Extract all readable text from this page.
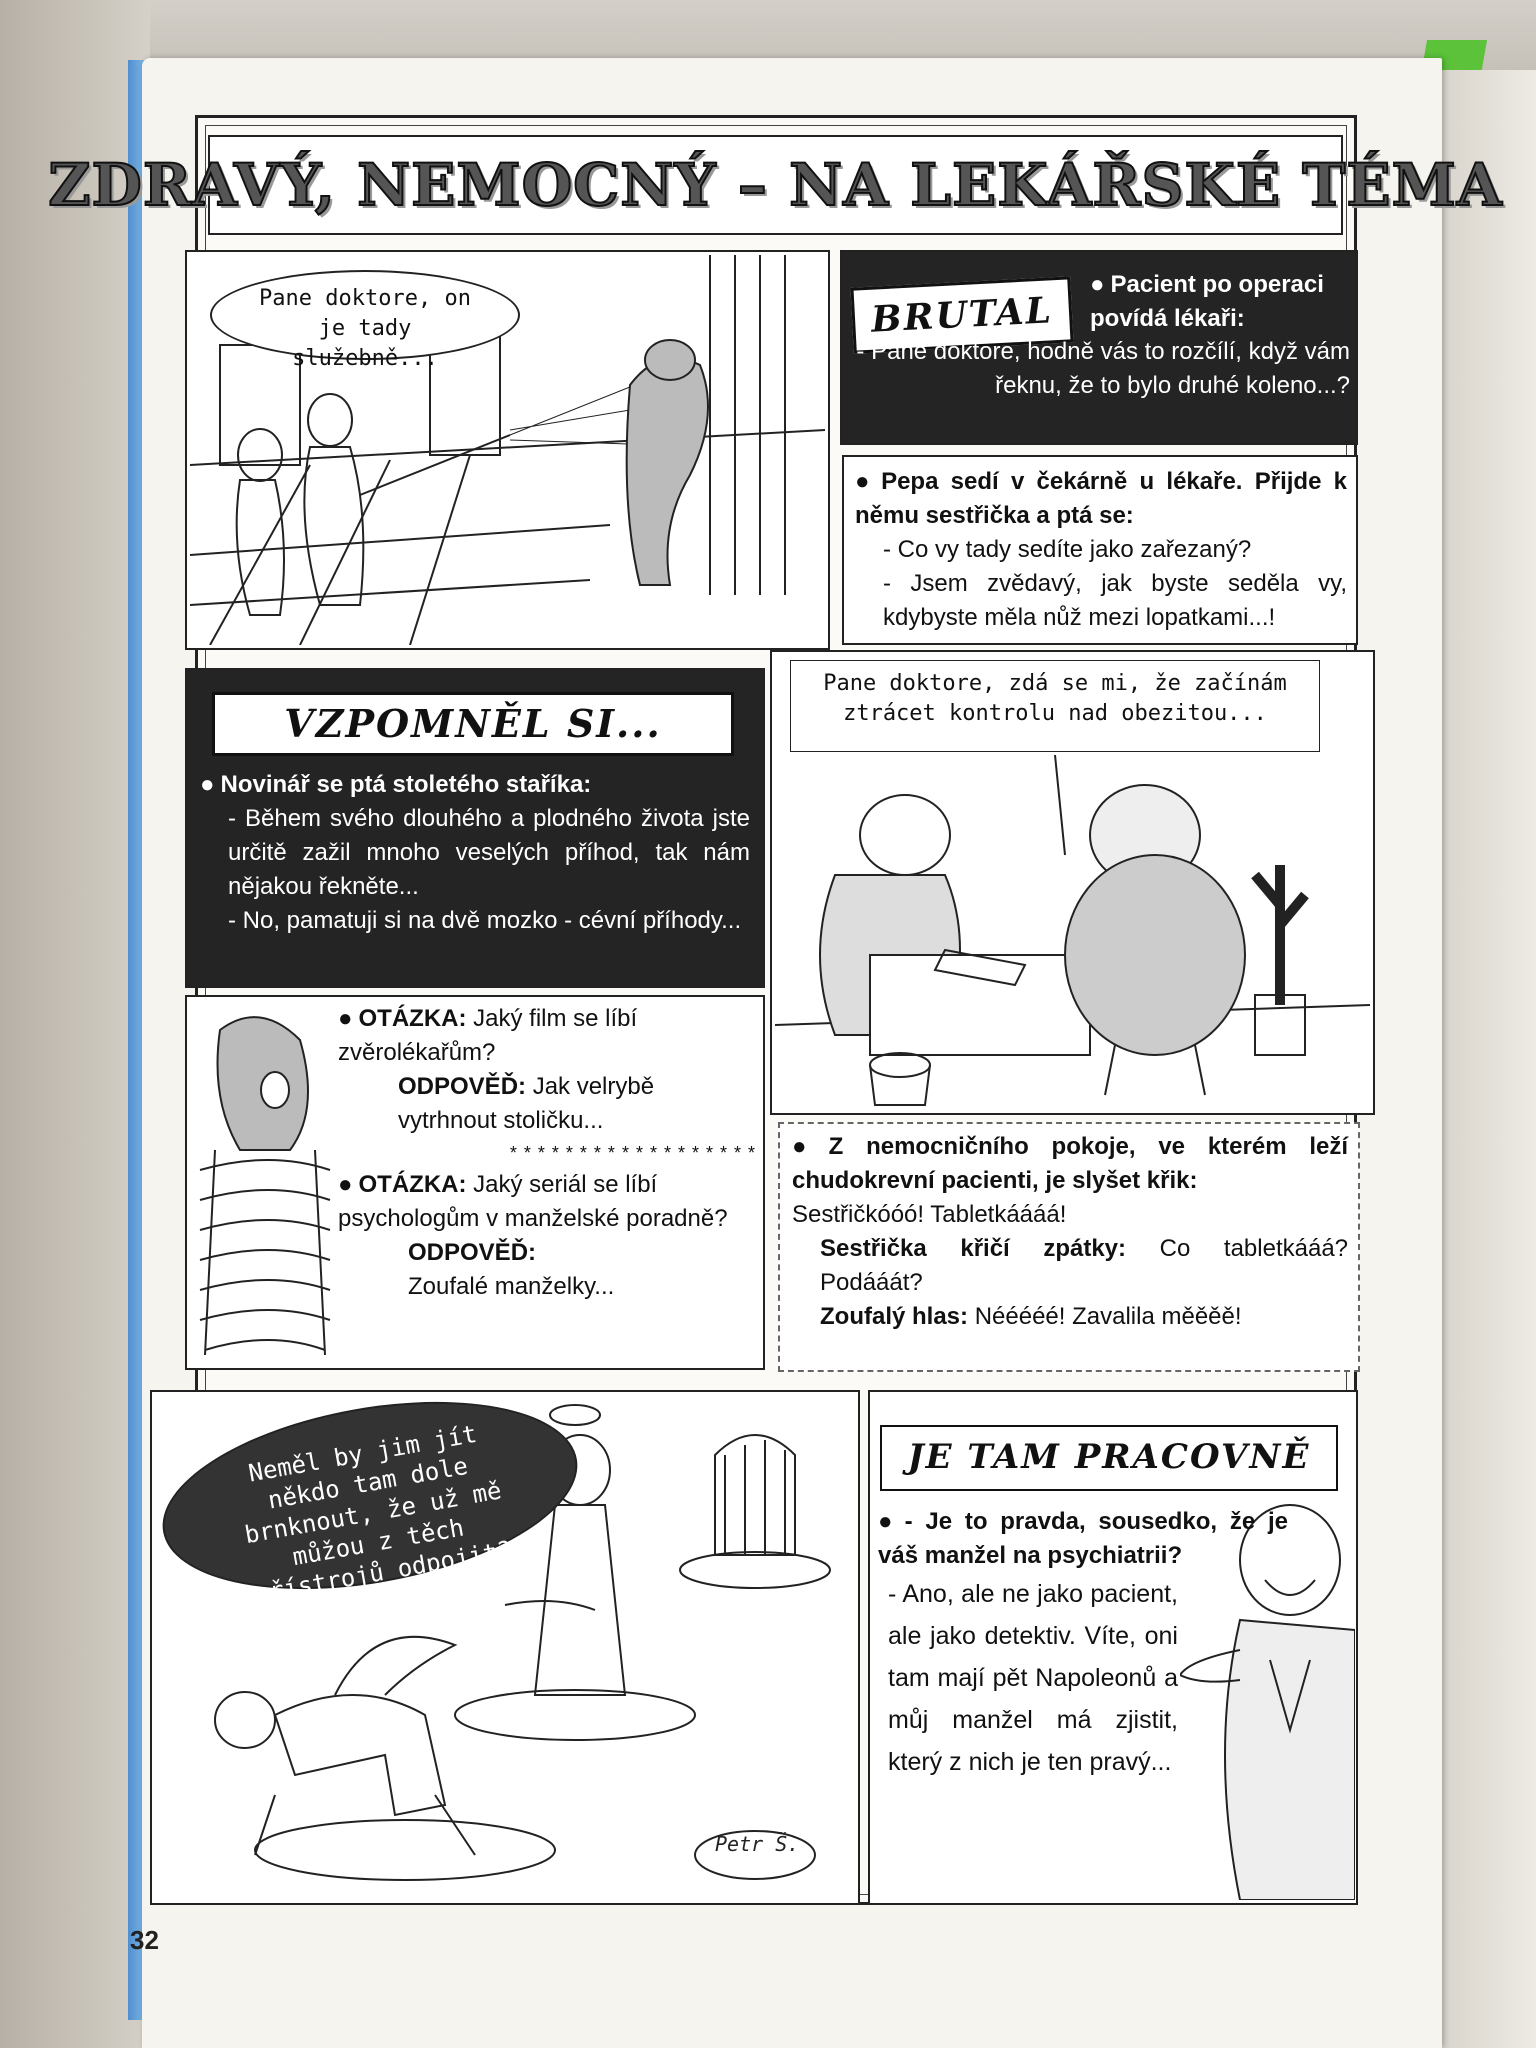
ZDRAVÝ, NEMOCNÝ – NA LEKÁŘSKÉ TÉMA
Pane doktore, on je tady služebně...
BRUTAL

● Pacient po operaci povídá lékaři:

- Pane doktore, hodně vás to rozčílí, když vám řeknu, že to bylo druhé koleno...?

● Pepa sedí v čekárně u lékaře. Přijde k němu sestřička a ptá se:

- Co vy tady sedíte jako zařezaný?

- Jsem zvědavý, jak byste seděla vy, kdybyste měla nůž mezi lopatkami...!

VZPOMNĚL SI...

● Novinář se ptá stoletého staříka:

- Během svého dlouhého a plodného života jste určitě zažil mnoho veselých příhod, tak nám nějakou řekněte...

- No, pamatuji si na dvě mozko - cévní příhody...

Pane doktore, zdá se mi, že začínám ztrácet kontrolu nad obezitou...

● OTÁZKA: Jaký film se líbí zvěrolékařům?

ODPOVĚĎ: Jak velrybě vytrhnout stoličku...

* * * * * * * * * * * * * * * * * *

● OTÁZKA: Jaký seriál se líbí psychologům v manželské poradně?

ODPOVĚĎ:

Zoufalé manželky...

● Z nemocničního pokoje, ve kterém leží chudokrevní pacienti, je slyšet křik:

Sestřičkóóó! Tabletkáááá!

Sestřička křičí zpátky: Co tabletkááá? Podááát?

Zoufalý hlas: Nééééé! Zavalila měěěě!

Neměl by jim jít někdo tam dole brnknout, že už mě můžou z těch přístrojů odpojit?
Petr Š.
JE TAM PRACOVNĚ

● - Je to pravda, sousedko, že je váš manžel na psychiatrii?

- Ano, ale ne jako pacient, ale jako detektiv. Víte, oni tam mají pět Napoleonů a můj manžel má zjistit, který z nich je ten pravý...

32
